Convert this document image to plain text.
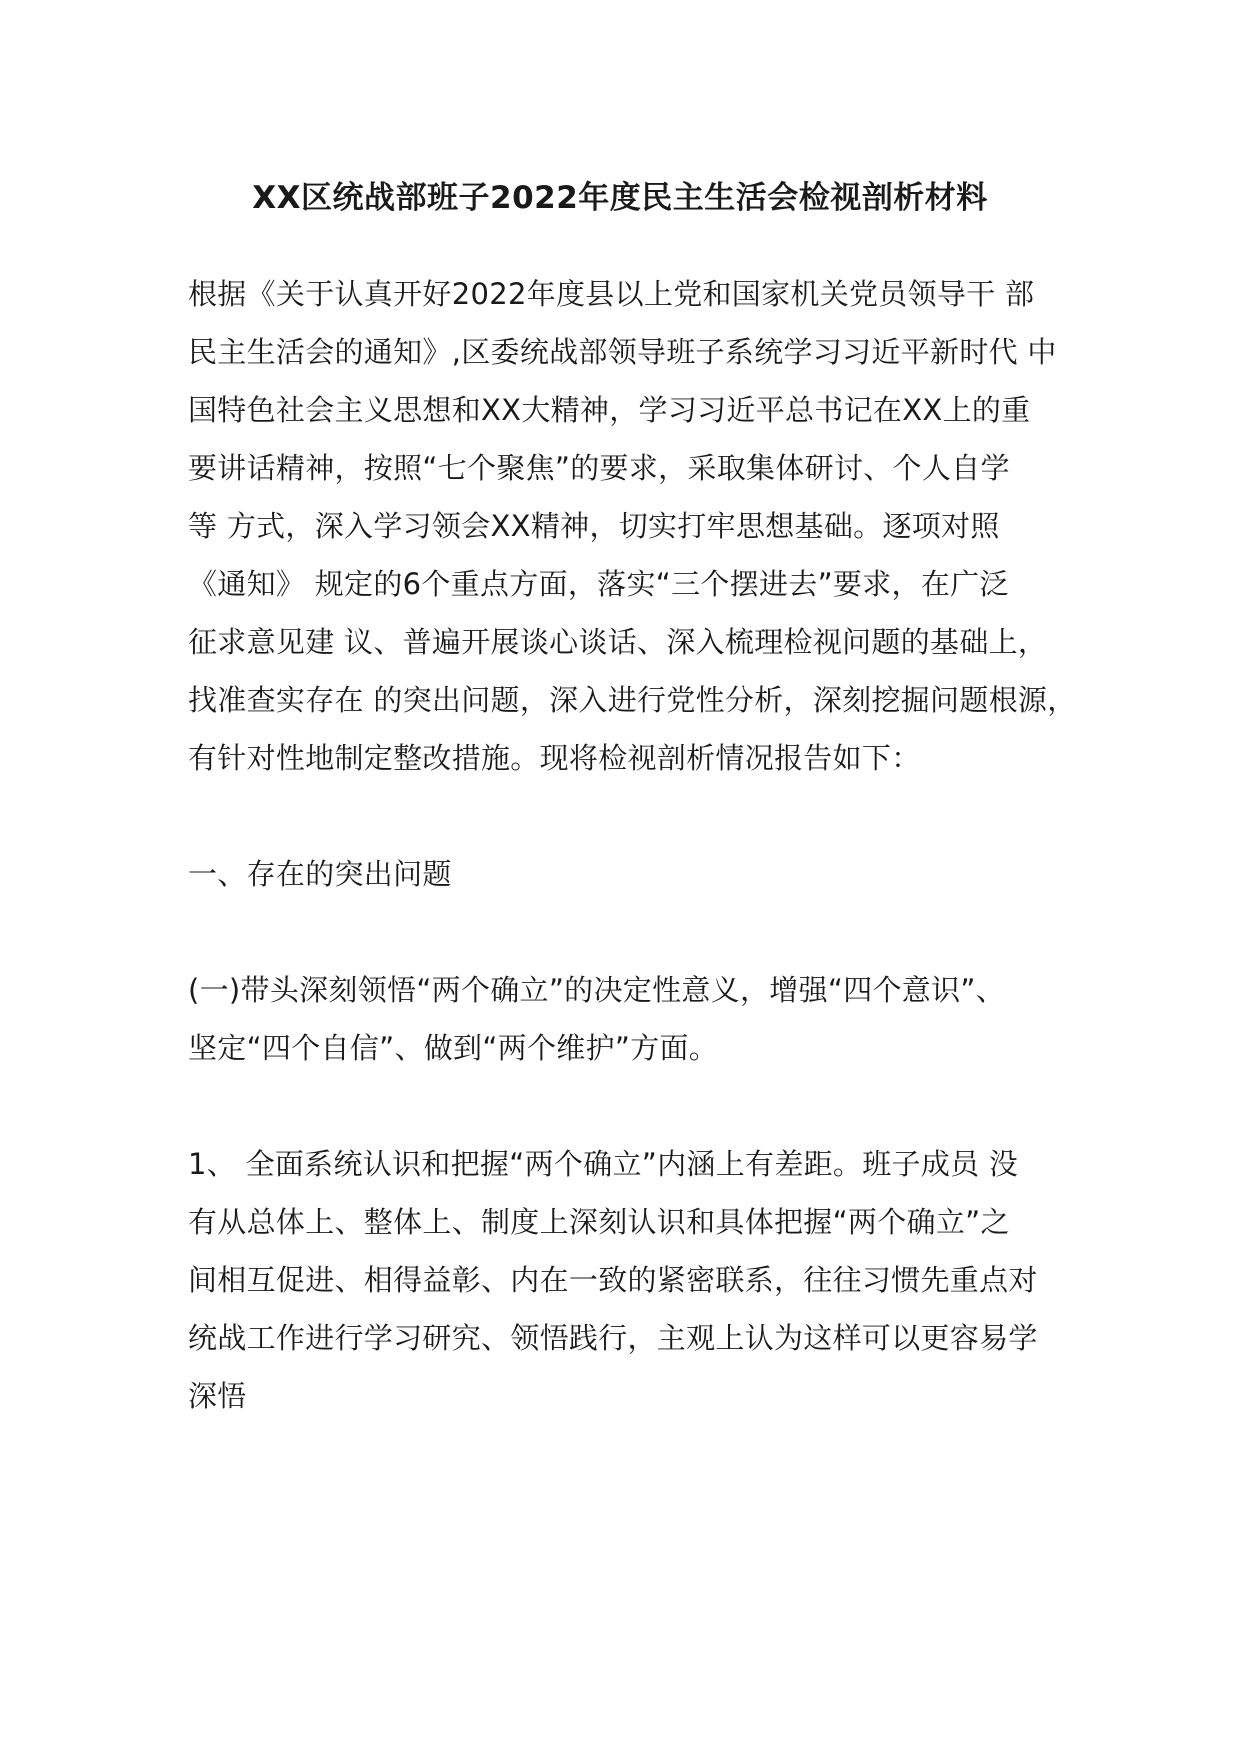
XX区统战部班子2022年度民主生活会检视剖析材料
根据《关于认真开好2022年度县以上党和国家机关党员领导干 部
民主生活会的通知》,区委统战部领导班子系统学习习近平新时代 中
国特色社会主义思想和XX大精神，学习习近平总书记在XX上的重
要讲话精神，按照“七个聚焦”的要求，采取集体研讨、个人自学
等 方式，深入学习领会XX精神，切实打牢思想基础。逐项对照
《通知》 规定的6个重点方面，落实“三个摆进去”要求，在广泛
征求意见建 议、普遍开展谈心谈话、深入梳理检视问题的基础上，
找准查实存在 的突出问题，深入进行党性分析，深刻挖掘问题根源，
有针对性地制定整改措施。现将检视剖析情况报告如下：
一、存在的突出问题
(一)带头深刻领悟“两个确立”的决定性意义，增强“四个意识”、
坚定“四个自信”、做到“两个维护”方面。
1、 全面系统认识和把握“两个确立”内涵上有差距。班子成员 没
有从总体上、整体上、制度上深刻认识和具体把握“两个确立”之
间相互促进、相得益彰、内在一致的紧密联系，往往习惯先重点对
统战工作进行学习研究、领悟践行，主观上认为这样可以更容易学
深悟
